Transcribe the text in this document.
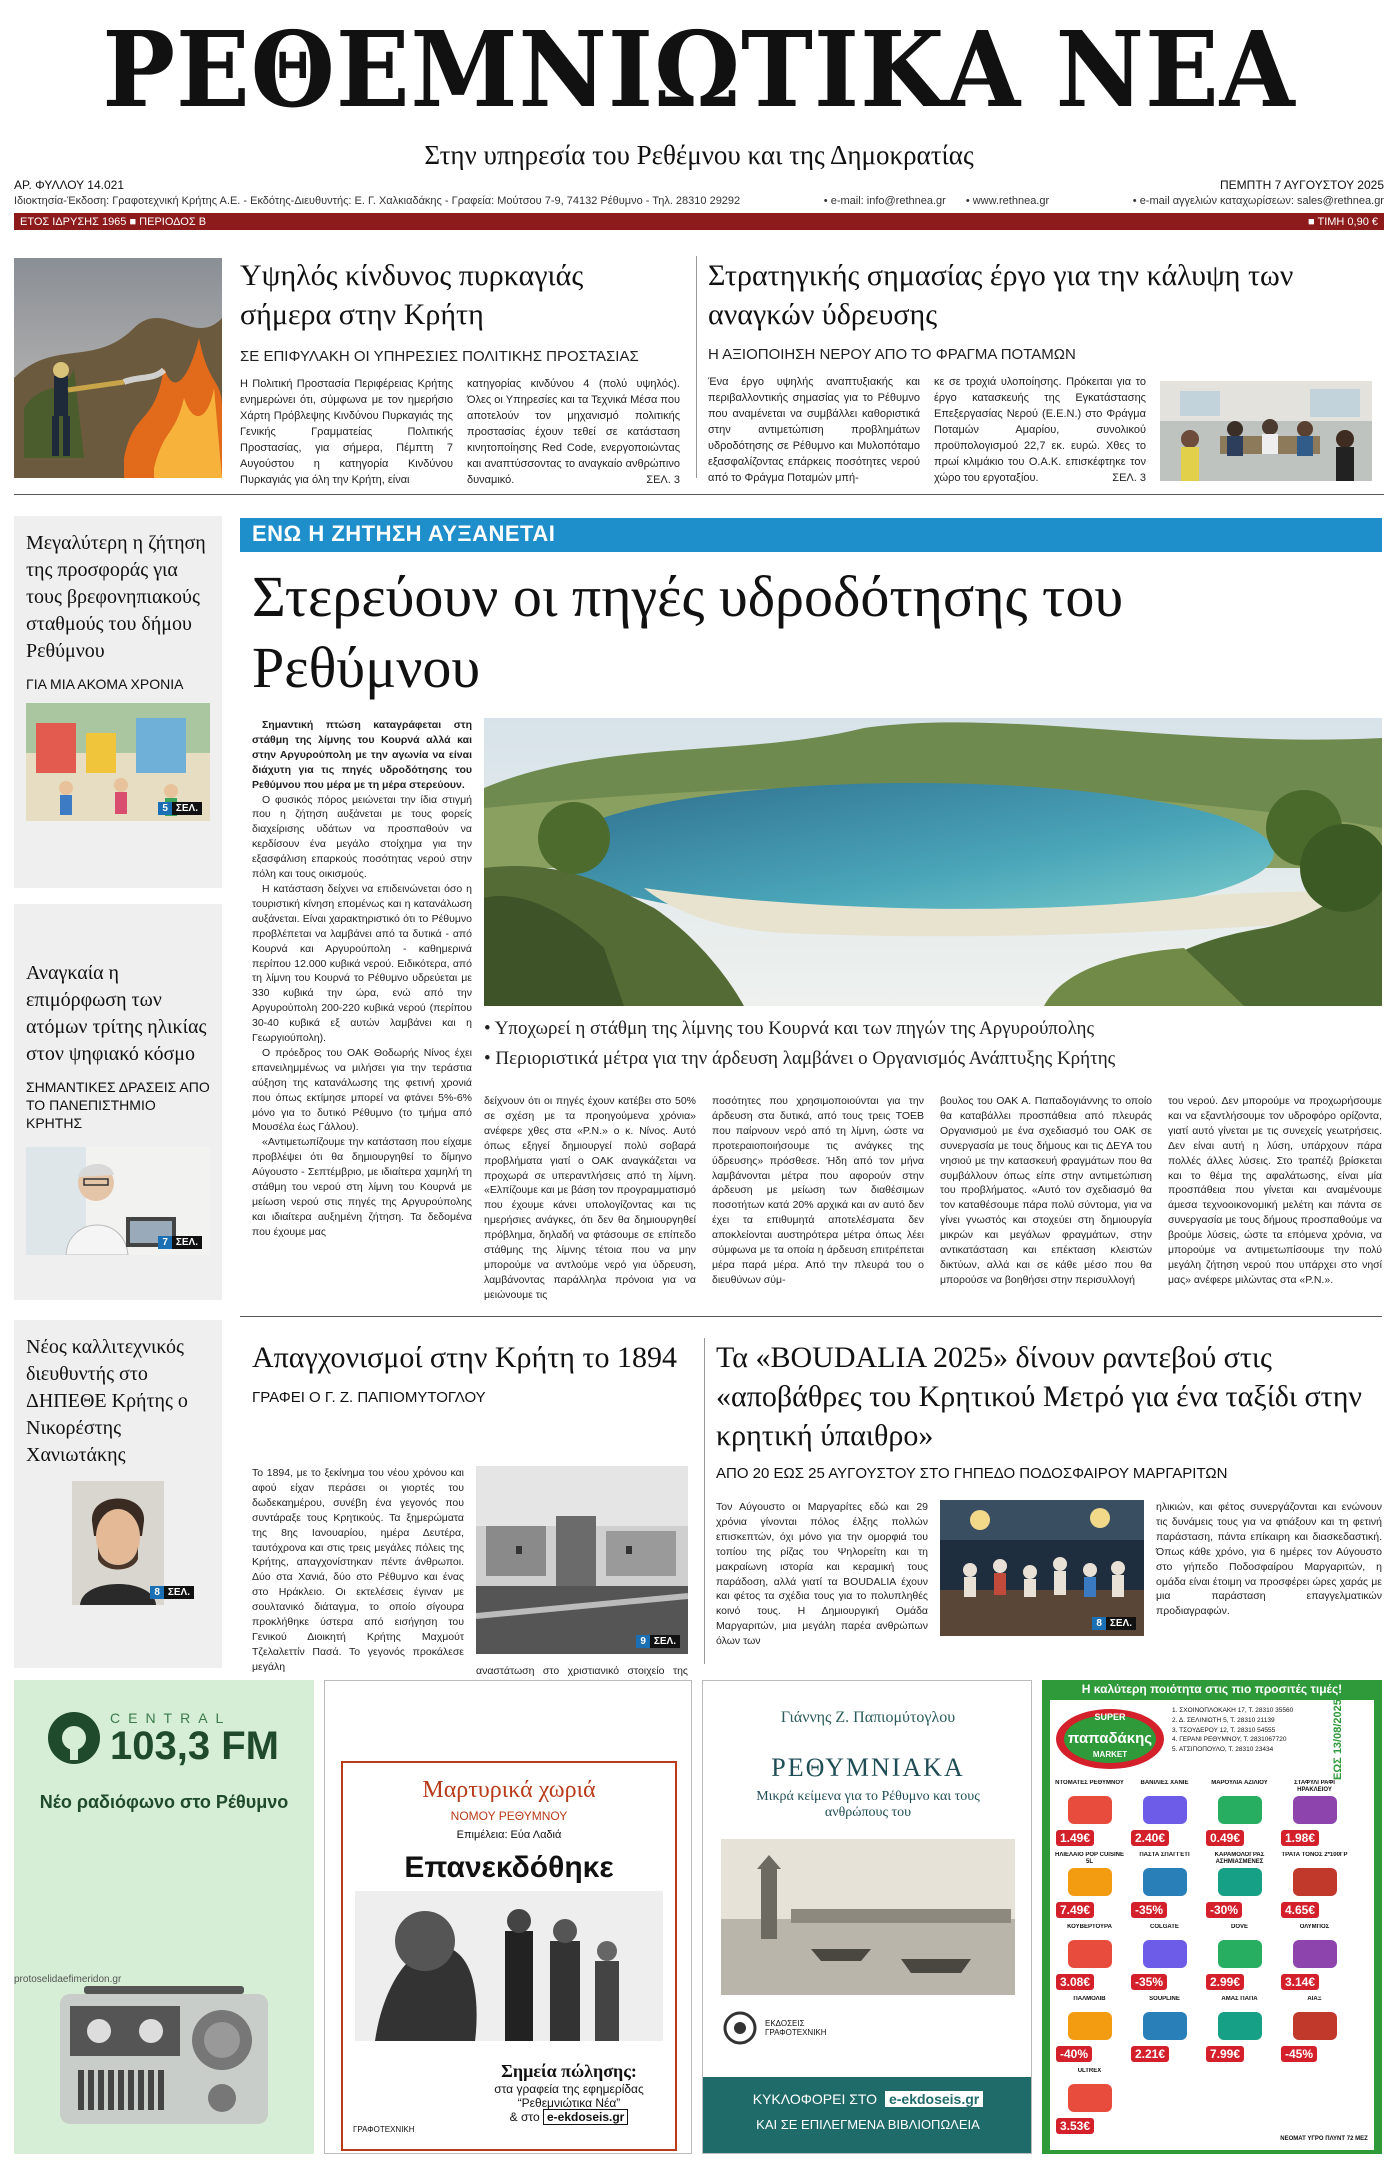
ΡΕΘΕΜΝΙΩΤΙΚΑ ΝΕΑ
Στην υπηρεσία του Ρεθέμνου και της Δημοκρατίας
ΑΡ. ΦΥΛΛΟΥ 14.021	ΠΕΜΠΤΗ 7 ΑΥΓΟΥΣΤΟΥ 2025
Ιδιοκτησία-Έκδοση: Γραφοτεχνική Κρήτης Α.Ε. - Εκδότης-Διευθυντής: Ε. Γ. Χαλκιαδάκης - Γραφεία: Μούτσου 7-9, 74132 Ρέθυμνο - Τηλ. 28310 29292	• e-mail: info@rethnea.gr • www.rethnea.gr	• e-mail αγγελιών καταχωρίσεων: sales@rethnea.gr
ΕΤΟΣ ΙΔΡΥΣΗΣ 1965 ■ ΠΕΡΙΟΔΟΣ Β	■ ΤΙΜΗ 0,90 €
Υψηλός κίνδυνος πυρκαγιάς σήμερα στην Κρήτη
ΣΕ ΕΠΙΦΥΛΑΚΗ ΟΙ ΥΠΗΡΕΣΙΕΣ ΠΟΛΙΤΙΚΗΣ ΠΡΟΣΤΑΣΙΑΣ
Η Πολιτική Προστασία Περιφέρειας Κρήτης ενημερώνει ότι, σύμφωνα με τον ημερήσιο Χάρτη Πρόβλεψης Κινδύνου Πυρκαγιάς της Γενικής Γραμματείας Πολιτικής Προστασίας, για σήμερα, Πέμπτη 7 Αυγούστου η κατηγορία Κινδύνου Πυρκαγιάς για όλη την Κρήτη, είναι
κατηγορίας κινδύνου 4 (πολύ υψηλός). Όλες οι Υπηρεσίες και τα Τεχνικά Μέσα που αποτελούν τον μηχανισμό πολιτικής προστασίας έχουν τεθεί σε κατάσταση κινητοποίησης Red Code, ενεργοποιώντας και αναπτύσσοντας το αναγκαίο ανθρώπινο δυναμικό.	ΣΕΛ. 3
Στρατηγικής σημασίας έργο για την κάλυψη των αναγκών ύδρευσης
Η ΑΞΙΟΠΟΙΗΣΗ ΝΕΡΟΥ ΑΠΟ ΤΟ ΦΡΑΓΜΑ ΠΟΤΑΜΩΝ
Ένα έργο υψηλής αναπτυξιακής και περιβαλλοντικής σημασίας για το Ρέθυμνο που αναμένεται να συμβάλλει καθοριστικά στην αντιμετώπιση προβλημάτων υδροδότησης σε Ρέθυμνο και Μυλοπόταμο εξασφαλίζοντας επάρκεις ποσότητες νερού από το Φράγμα Ποταμών μπή-
κε σε τροχιά υλοποίησης. Πρόκειται για το έργο κατασκευής της Εγκατάστασης Επεξεργασίας Νερού (Ε.Ε.Ν.) στο Φράγμα Ποταμών Αμαρίου, συνολικού προϋπολογισμού 22,7 εκ. ευρώ. Χθες το πρωί κλιμάκιο του Ο.Α.Κ. επισκέφτηκε τον χώρο του εργοταξίου.	ΣΕΛ. 3
Μεγαλύτερη η ζήτηση της προσφοράς για τους βρεφονηπιακούς σταθμούς του δήμου Ρεθύμνου
ΓΙΑ ΜΙΑ ΑΚΟΜΑ ΧΡΟΝΙΑ
5 ΣΕΛ.
Αναγκαία η επιμόρφωση των ατόμων τρίτης ηλικίας στον ψηφιακό κόσμο
ΣΗΜΑΝΤΙΚΕΣ ΔΡΑΣΕΙΣ ΑΠΟ ΤΟ ΠΑΝΕΠΙΣΤΗΜΙΟ ΚΡΗΤΗΣ
7 ΣΕΛ.
Νέος καλλιτεχνικός διευθυντής στο ΔΗΠΕΘΕ Κρήτης ο Νικορέστης Χανιωτάκης
8 ΣΕΛ.
ΕΝΩ Η ΖΗΤΗΣΗ ΑΥΞΑΝΕΤΑΙ
Στερεύουν οι πηγές υδροδότησης του Ρεθύμνου

Σημαντική πτώση καταγράφεται στη στάθμη της λίμνης του Κουρνά αλλά και στην Αργυρούπολη με την αγωνία να είναι διάχυτη για τις πηγές υδροδότησης του Ρεθύμνου που μέρα με τη μέρα στερεύουν.

Ο φυσικός πόρος μειώνεται την ίδια στιγμή που η ζήτηση αυξάνεται με τους φορείς διαχείρισης υδάτων να προσπαθούν να κερδίσουν ένα μεγάλο στοίχημα για την εξασφάλιση επαρκούς ποσότητας νερού στην πόλη και τους οικισμούς.

Η κατάσταση δείχνει να επιδεινώνεται όσο η τουριστική κίνηση επομένως και η κατανάλωση αυξάνεται. Είναι χαρακτηριστικό ότι το Ρέθυμνο προβλέπεται να λαμβάνει από τα δυτικά - από Κουρνά και Αργυρούπολη - καθημερινά περίπου 12.000 κυβικά νερού. Ειδικότερα, από τη λίμνη του Κουρνά το Ρέθυμνο υδρεύεται με 330 κυβικά την ώρα, ενώ από την Αργυρούπολη 200-220 κυβικά νερού (περίπου 30-40 κυβικά εξ αυτών λαμβάνει και η Γεωργιούπολη).

Ο πρόεδρος του ΟΑΚ Θοδωρής Νίνος έχει επανειλημμένως να μιλήσει για την τεράστια αύξηση της κατανάλωσης της φετινή χρονιά που όπως εκτίμησε μπορεί να φτάνει 5%-6% μόνο για το δυτικό Ρέθυμνο (το τμήμα από Μουσέλα έως Γάλλου).

«Αντιμετωπίζουμε την κατάσταση που είχαμε προβλέψει ότι θα δημιουργηθεί το δίμηνο Αύγουστο - Σεπτέμβριο, με ιδιαίτερα χαμηλή τη στάθμη του νερού στη λίμνη του Κουρνά με μείωση νερού στις πηγές της Αργυρούπολης και ιδιαίτερα αυξημένη ζήτηση. Τα δεδομένα που έχουμε μας

• Υποχωρεί η στάθμη της λίμνης του Κουρνά και των πηγών της Αργυρούπολης
• Περιοριστικά μέτρα για την άρδευση λαμβάνει ο Οργανισμός Ανάπτυξης Κρήτης
δείχνουν ότι οι πηγές έχουν κατέβει στο 50% σε σχέση με τα προηγούμενα χρόνια» ανέφερε χθες στα «Ρ.Ν.» ο κ. Νίνος. Αυτό όπως εξηγεί δημιουργεί πολύ σοβαρά προβλήματα γιατί ο ΟΑΚ αναγκάζεται να προχωρά σε υπεραντλήσεις από τη λίμνη. «Ελπίζουμε και με βάση τον προγραμματισμό που έχουμε κάνει υπολογίζοντας και τις ημερήσιες ανάγκες, ότι δεν θα δημιουργηθεί πρόβλημα, δηλαδή να φτάσουμε σε επίπεδο στάθμης της λίμνης τέτοια που να μην μπορούμε να αντλούμε νερό για ύδρευση, λαμβάνοντας παράλληλα πρόνοια για να μειώνουμε τις
ποσότητες που χρησιμοποιούνται για την άρδευση στα δυτικά, από τους τρεις ΤΟΕΒ που παίρνουν νερό από τη λίμνη, ώστε να προτεραιοποιήσουμε τις ανάγκες της ύδρευσης» πρόσθεσε. Ήδη από τον μήνα λαμβάνονται μέτρα που αφορούν στην άρδευση με μείωση των διαθέσιμων ποσοτήτων κατά 20% αρχικά και αν αυτό δεν έχει τα επιθυμητά αποτελέσματα δεν αποκλείονται αυστηρότερα μέτρα όπως λέει σύμφωνα με τα οποία η άρδευση επιτρέπεται μέρα παρά μέρα. Από την πλευρά του ο διευθύνων σύμ-
βουλος του ΟΑΚ Α. Παπαδογιάννης το οποίο θα καταβάλλει προσπάθεια από πλευράς Οργανισμού με ένα σχεδιασμό του ΟΑΚ σε συνεργασία με τους δήμους και τις ΔΕΥΑ του νησιού με την κατασκευή φραγμάτων που θα συμβάλλουν όπως είπε στην αντιμετώπιση του προβλήματος. «Αυτό τον σχεδιασμό θα τον καταθέσουμε πάρα πολύ σύντομα, για να γίνει γνωστός και στοχεύει στη δημιουργία μικρών και μεγάλων φραγμάτων, στην αντικατάσταση και επέκταση κλειστών δικτύων, αλλά και σε κάθε μέσο που θα μπορούσε να βοηθήσει στην περισυλλογή
του νερού. Δεν μπορούμε να προχωρήσουμε και να εξαντλήσουμε τον υδροφόρο ορίζοντα, γιατί αυτό γίνεται με τις συνεχείς γεωτρήσεις. Δεν είναι αυτή η λύση, υπάρχουν πάρα πολλές άλλες λύσεις. Στο τραπέζι βρίσκεται και το θέμα της αφαλάτωσης, είναι μία προσπάθεια που γίνεται και αναμένουμε άμεσα τεχνοοικονομική μελέτη και πάντα σε συνεργασία με τους δήμους προσπαθούμε να βρούμε λύσεις, ώστε τα επόμενα χρόνια, να μπορούμε να αντιμετωπίσουμε την πολύ μεγάλη ζήτηση νερού που υπάρχει στο νησί μας» ανέφερε μιλώντας στα «Ρ.Ν.».
Απαγχονισμοί στην Κρήτη το 1894
ΓΡΑΦΕΙ Ο Γ. Ζ. ΠΑΠΙΟΜΥΤΟΓΛΟΥ
Το 1894, με το ξεκίνημα του νέου χρόνου και αφού είχαν περάσει οι γιορτές του δωδεκαημέρου, συνέβη ένα γεγονός που συντάραξε τους Κρητικούς. Τα ξημερώματα της 8ης Ιανουαρίου, ημέρα Δευτέρα, ταυτόχρονα και στις τρεις μεγάλες πόλεις της Κρήτης, απαγχονίστηκαν πέντε άνθρωποι. Δύο στα Χανιά, δύο στο Ρέθυμνο και ένας στο Ηράκλειο. Οι εκτελέσεις έγιναν με σουλτανικό διάταγμα, το οποίο σίγουρα προκλήθηκε ύστερα από εισήγηση του Γενικού Διοικητή Κρήτης Μαχμούτ Τζελαλεττίν Πασά. Το γεγονός προκάλεσε μεγάλη
9 ΣΕΛ.
αναστάτωση στο χριστιανικό στοιχείο της
Τα «BOUDALIA 2025» δίνουν ραντεβού στις «αποβάθρες του Κρητικού Μετρό για ένα ταξίδι στην κρητική ύπαιθρο»
ΑΠΟ 20 ΕΩΣ 25 ΑΥΓΟΥΣΤΟΥ ΣΤΟ ΓΗΠΕΔΟ ΠΟΔΟΣΦΑΙΡΟΥ ΜΑΡΓΑΡΙΤΩΝ
Τον Αύγουστο οι Μαργαρίτες εδώ και 29 χρόνια γίνονται πόλος έλξης πολλών επισκεπτών, όχι μόνο για την ομορφιά του τοπίου της ρίζας του Ψηλορείτη και τη μακραίωνη ιστορία και κεραμική τους παράδοση, αλλά γιατί τα BOUDALIA έχουν και φέτος τα σχέδια τους για το πολυπληθές κοινό τους. Η Δημιουργική Ομάδα Μαργαριτών, μια μεγάλη παρέα ανθρώπων όλων των
8 ΣΕΛ.
ηλικιών, και φέτος συνεργάζονται και ενώνουν τις δυνάμεις τους για να φτιάξουν και τη φετινή παράσταση, πάντα επίκαιρη και διασκεδαστική. Όπως κάθε χρόνο, για 6 ημέρες τον Αύγουστο στο γήπεδο Ποδοσφαίρου Μαργαριτών, η ομάδα είναι έτοιμη να προσφέρει ώρες χαράς με μια παράσταση επαγγελματικών προδιαγραφών.
CENTRAL
103,3 FM
Νέο ραδιόφωνο στο Ρέθυμνο
protoselidaefimeridon.gr
Μαρτυρικά χωριά
ΝΟΜΟΥ ΡΕΘΥΜΝΟΥ
Επιμέλεια: Εύα Λαδιά
Επανεκδόθηκε
Σημεία πώλησης:
στα γραφεία της εφημερίδας “Ρεθεμνιώτικα Νέα”
& στο e-ekdoseis.gr
ΓΡΑΦΟΤΕΧΝΙΚΗ
Γιάννης Ζ. Παπιομύτογλου
ΡΕΘΥΜΝΙΑΚΑ
Μικρά κείμενα για το Ρέθυμνο και τους ανθρώπους του
ΕΚΔΟΣΕΙΣ ΓΡΑΦΟΤΕΧΝΙΚΗ
ΚΥΚΛΟΦΟΡΕΙ ΣΤΟ e-ekdoseis.gr
ΚΑΙ ΣΕ ΕΠΙΛΕΓΜΕΝΑ ΒΙΒΛΙΟΠΩΛΕΙΑ
Η καλύτερη ποιότητα στις πιο προσιτές τιμές!
SUPER
παπαδάκης
MARKET
1. ΣΧΟΙΝΟΠΛΟΚΑΚΗ 17, Τ. 28310 35560
2. Δ. ΣΕΛΙΝΙΩΤΗ 5, Τ. 28310 21139
3. ΤΣΟΥΔΕΡΟΥ 12, Τ. 28310 54555
4. ΓΕΡΑΝΙ ΡΕΘΥΜΝΟΥ, Τ. 2831067720
5. ΑΤΣΙΠΟΠΟΥΛΟ, Τ. 28310 23434	ΕΩΣ 13/08/2025
ΝΤΟΜΑΤΕΣ ΡΕΘΥΜΝΟΥ
1.49€
ΒΑΝΙΛΙΕΣ ΧΑΝΙΕ
2.40€
ΜΑΡΟΥΛΙΑ ΑΖΙΛΙΟΥ
0.49€
ΣΤΑΦΥΛΙ ΡΑΦΙ ΗΡΑΚΛΕΙΟΥ
1.98€
ΗΛΙΕΛΑΙΟ POP CUISINE 5L
7.49€
ΠΑΣΤΑ ΣΠΑΓΓΕΤΙ
-35%
ΚΑΡΑΜΟΛΟΓΡΑΣ ΑΣΗΜΙΑΣΜΕΝΕΣ
-30%
ΤΡΑΤΑ ΤΟΝΟΣ 2*100ΓΡ
4.65€
ΚΟΥΒΕΡΤΟΥΡΑ
3.08€
COLGATE
-35%
DOVE
2.99€
ΟΛΥΜΠΟΣ
3.14€
ΠΑΛΜΟΛΙΒ
-40%
SOUPLINE
2.21€
ΑΜΑΣ ΠΑΠΑ
7.99€
ΑΙΑΞ
-45%
ULTREX
3.53€
ΝΕΟΜΑΤ ΥΓΡΟ ΠΛΥΝΤ 72 ΜΕΖ
